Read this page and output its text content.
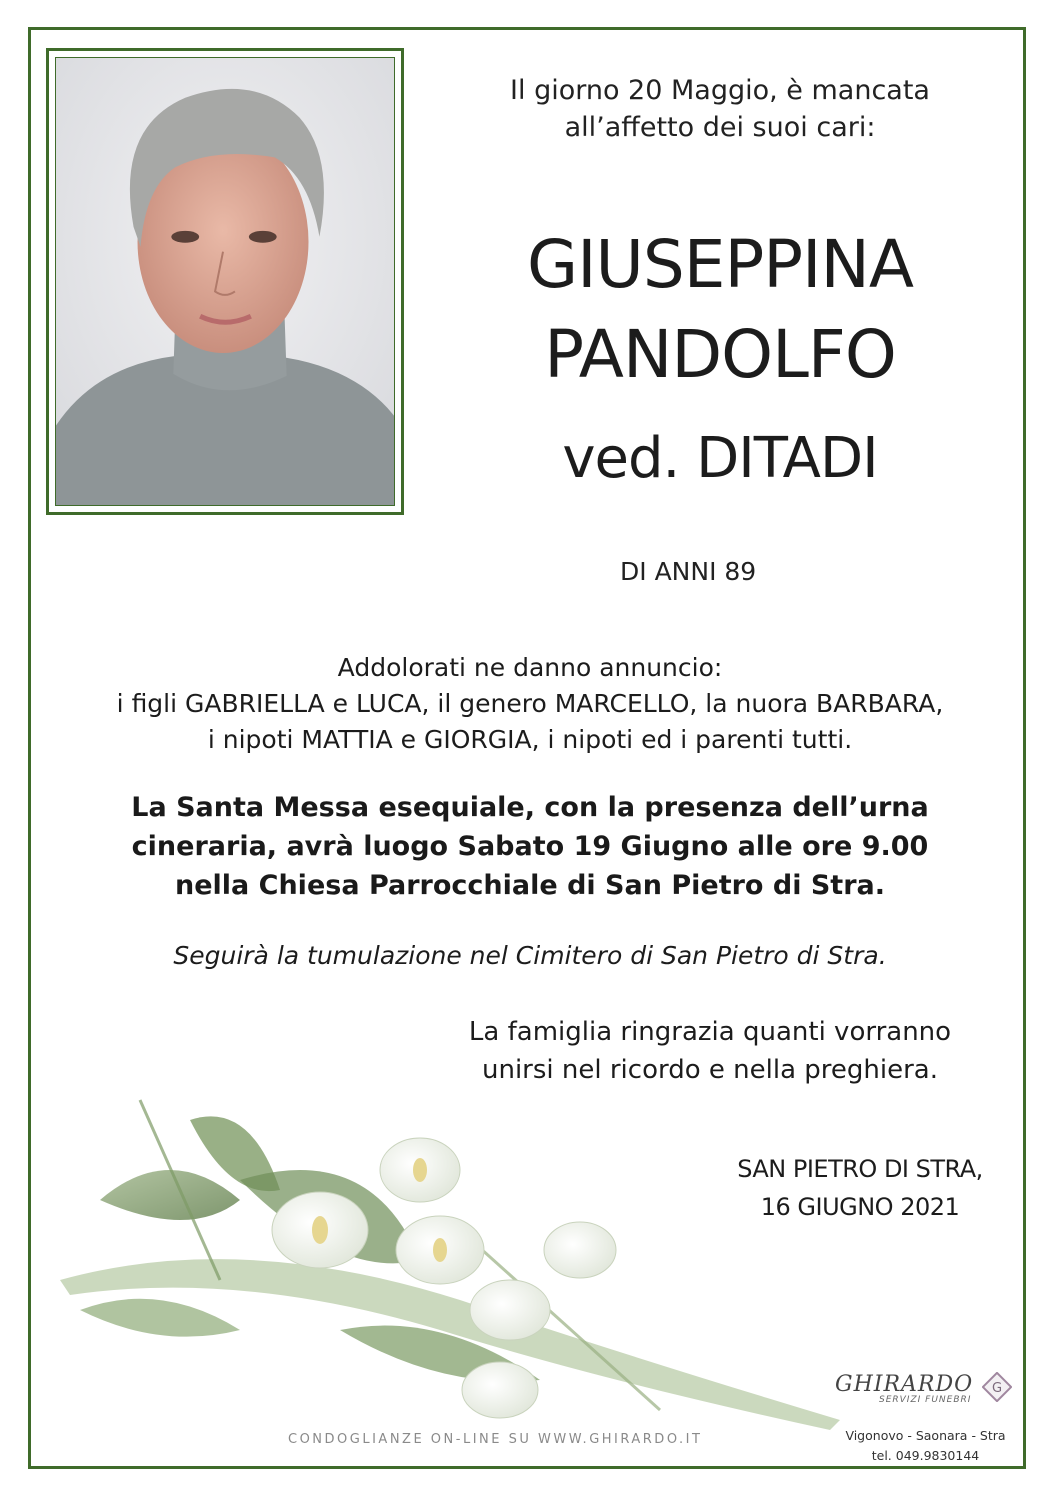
Il giorno 20 Maggio, è mancata
all’affetto dei suoi cari:
GIUSEPPINA
PANDOLFO
ved. DITADI
DI ANNI 89
Addolorati ne danno annuncio:
i figli GABRIELLA e LUCA, il genero MARCELLO, la nuora BARBARA,
i nipoti MATTIA e GIORGIA, i nipoti ed i parenti tutti.
La Santa Messa esequiale, con la presenza dell’urna
cineraria, avrà luogo Sabato 19 Giugno alle ore 9.00
nella Chiesa Parrocchiale di San Pietro di Stra.
Seguirà la tumulazione nel Cimitero di San Pietro di Stra.
La famiglia ringrazia quanti vorranno
unirsi nel ricordo e nella preghiera.
SAN PIETRO DI STRA,
16 GIUGNO 2021
CONDOGLIANZE ON-LINE SU WWW.GHIRARDO.IT
GHIRARDO
SERVIZI FUNEBRI
G
Vigonovo - Saonara - Stra
tel. 049.9830144
